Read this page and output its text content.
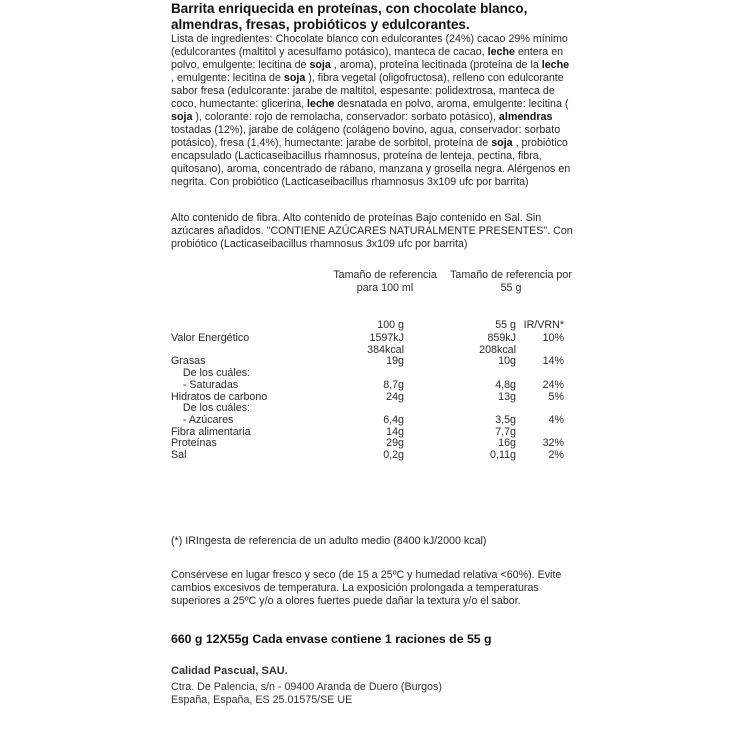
Barrita enriquecida en proteínas, con chocolate blanco, almendras, fresas, probióticos y edulcorantes.
Lista de ingredientes: Chocolate blanco con edulcorantes (24%) cacao 29% mínimo (edulcorantes (maltitol y acesulfamo potásico), manteca de cacao, leche entera en polvo, emulgente: lecitina de soja , aroma), proteína lecitinada (proteína de la leche , emulgente: lecitina de soja ), fibra vegetal (oligofructosa), relleno con edulcorante sabor fresa (edulcorante: jarabe de maltitol, espesante: polidextrosa, manteca de coco, humectante: glicerina, leche desnatada en polvo, aroma, emulgente: lecitina ( soja ), colorante: rojo de remolacha, conservador: sorbato potásico), almendras tostadas (12%), jarabe de colágeno (colágeno bovino, agua, conservador: sorbato potásico), fresa (1,4%), humectante: jarabe de sorbitol, proteína de soja , probiótico encapsulado (Lacticaseibacillus rhamnosus, proteína de lenteja, pectina, fibra, quitosano), aroma, concentrado de rábano, manzana y grosella negra. Alérgenos en negrita. Con probiótico (Lacticaseibacillus rhamnosus 3x109 ufc por barrita)
Alto contenido de fibra. Alto contenido de proteínas Bajo contenido en Sal. Sin azúcares añadidos. "CONTIENE AZÚCARES NATURALMENTE PRESENTES". Con probiótico (Lacticaseibacillus rhamnosus 3x109 ufc por barrita)
Tamaño de referencia para 100 ml
Tamaño de referencia por 55 g
100 g	55 g IR/VRN*
Valor Energético	1597kJ	859kJ 10%
384kcal	208kcal
Grasas	19g	10g 14%
De los cuáles:
- Saturadas	8,7g	4,8g 24%
Hidratos de carbono	24g	13g	5%
De los cuáles:
- Azúcares	6,4g	3,5g	4%
Fibra alimentaria	14g	7,7g
Proteínas	29g	16g 32%
Sal	0,2g	0,11g	2%
(*) IRIngesta de referencia de un adulto medio (8400 kJ/2000 kcal)
Consérvese en lugar fresco y seco (de 15 a 25ºC y humedad relativa <60%). Evite cambios excesivos de temperatura. La exposición prolongada a temperaturas superiores a 25ºC y/o a olores fuertes puede dañar la textura y/o el sabor.
660 g 12X55g Cada envase contiene 1 raciones de 55 g
Calidad Pascual, SAU.
Ctra. De Palencia, s/n - 09400 Aranda de Duero (Burgos)
España, España, ES 25.01575/SE UE
